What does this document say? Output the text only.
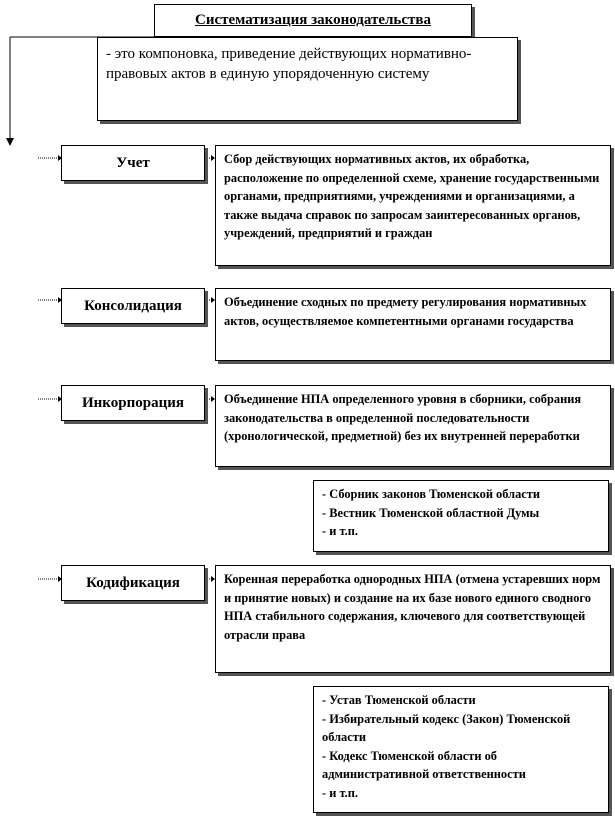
Систематизация законодательства
- это компоновка, приведение действующих нормативно-правовых актов в единую упорядоченную систему
Учет	Сбор действующих нормативных актов, их обработка, расположение по определенной схеме, хранение государственными органами, предприятиями, учреждениями и организациями, а также выдача справок по запросам заинтересованных органов, учреждений, предприятий и граждан
Консолидация	Объединение сходных по предмету регулирования нормативных актов, осуществляемое компетентными органами государства
Инкорпорация	Объединение НПА определенного уровня в сборники, собрания законодательства в определенной последовательности (хронологической, предметной) без их внутренней переработки
- Сборник законов Тюменской области
- Вестник Тюменской областной Думы
- и т.п.
Кодификация	Коренная переработка однородных НПА (отмена устаревших норм и принятие новых) и создание на их базе нового единого сводного НПА стабильного содержания, ключевого для соответствующей отрасли права
- Устав Тюменской области
- Избирательный кодекс (Закон) Тюменской области
- Кодекс Тюменской области об административной ответственности
- и т.п.
